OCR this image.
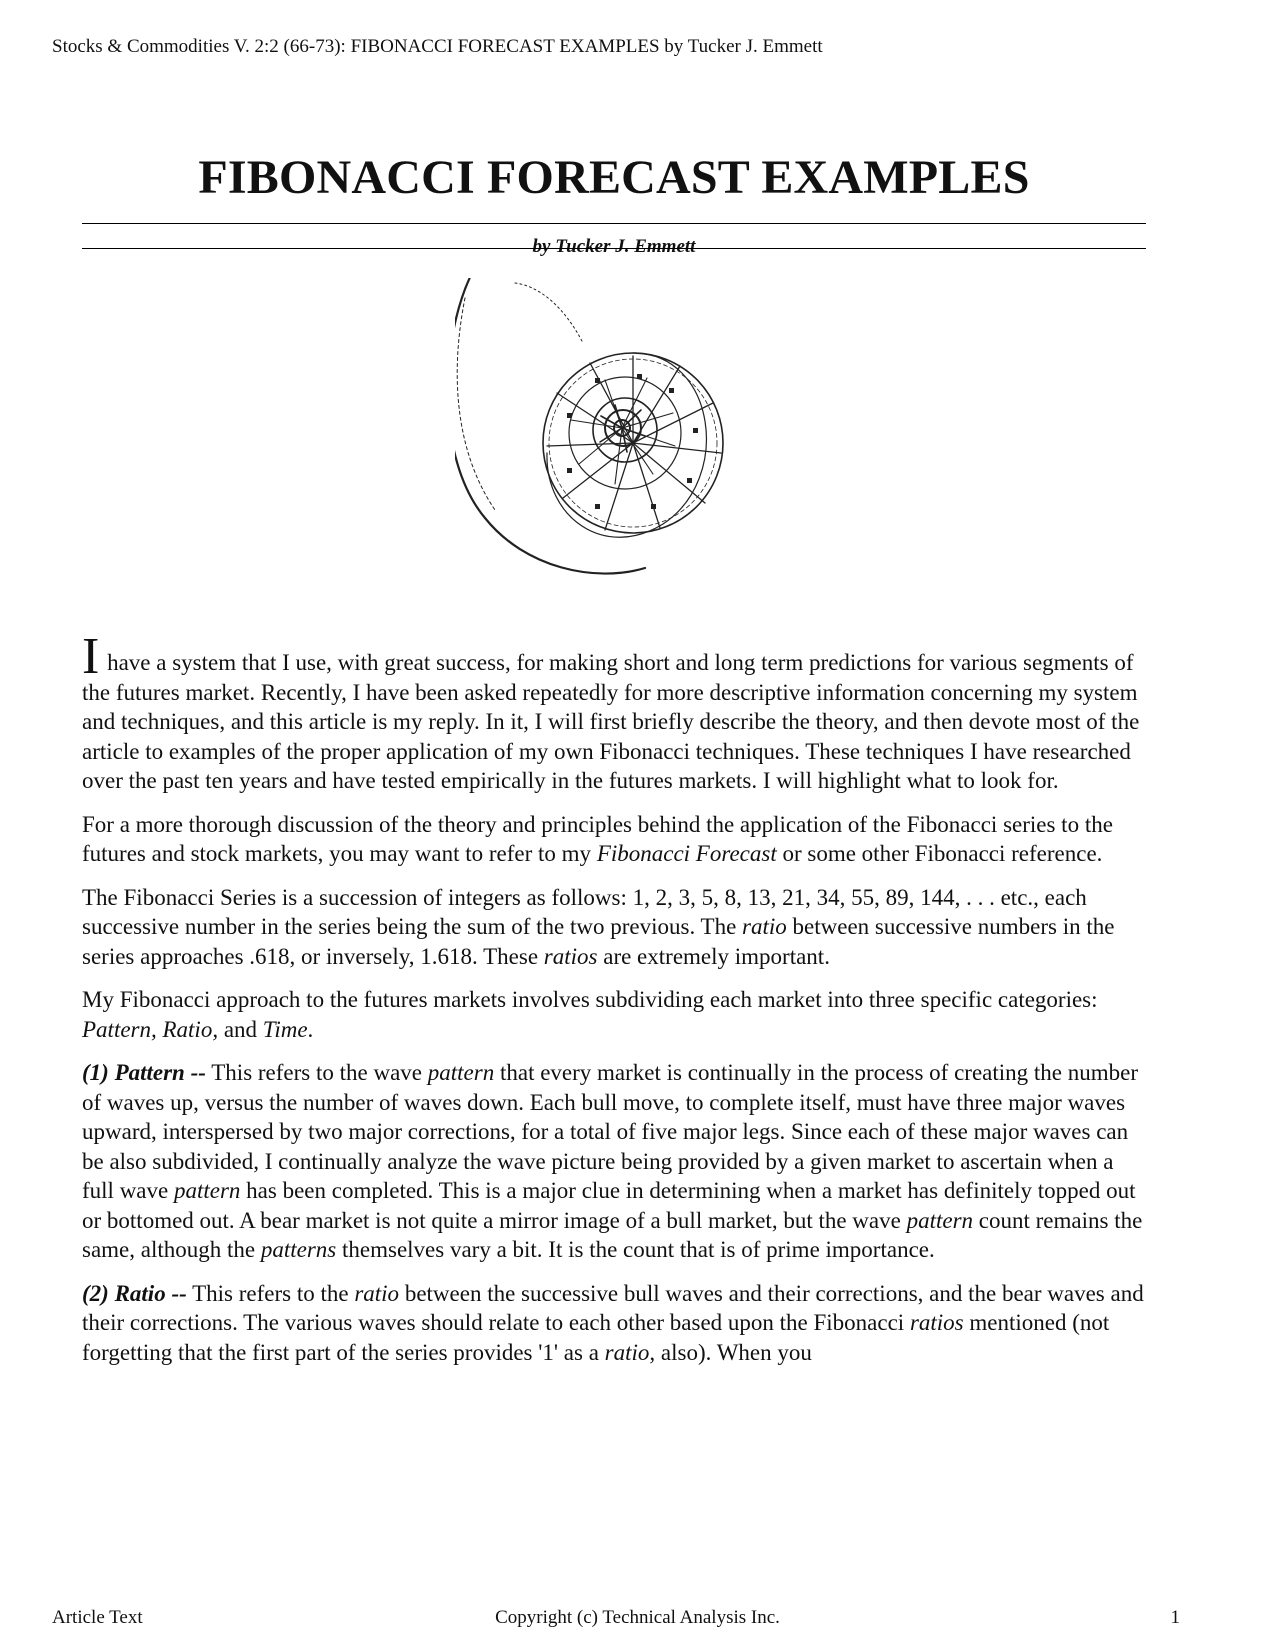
Stocks & Commodities V. 2:2 (66-73): FIBONACCI FORECAST EXAMPLES by Tucker J. Emmett
FIBONACCI FORECAST EXAMPLES
by Tucker J. Emmett

I have a system that I use, with great success, for making short and long term predictions for various segments of the futures market. Recently, I have been asked repeatedly for more descriptive information concerning my system and techniques, and this article is my reply. In it, I will first briefly describe the theory, and then devote most of the article to examples of the proper application of my own Fibonacci techniques. These techniques I have researched over the past ten years and have tested empirically in the futures markets. I will highlight what to look for.

For a more thorough discussion of the theory and principles behind the application of the Fibonacci series to the futures and stock markets, you may want to refer to my Fibonacci Forecast or some other Fibonacci reference.

The Fibonacci Series is a succession of integers as follows: 1, 2, 3, 5, 8, 13, 21, 34, 55, 89, 144, . . . etc., each successive number in the series being the sum of the two previous. The ratio between successive numbers in the series approaches .618, or inversely, 1.618. These ratios are extremely important.

My Fibonacci approach to the futures markets involves subdividing each market into three specific categories: Pattern, Ratio, and Time.

(1) Pattern -- This refers to the wave pattern that every market is continually in the process of creating the number of waves up, versus the number of waves down. Each bull move, to complete itself, must have three major waves upward, interspersed by two major corrections, for a total of five major legs. Since each of these major waves can be also subdivided, I continually analyze the wave picture being provided by a given market to ascertain when a full wave pattern has been completed. This is a major clue in determining when a market has definitely topped out or bottomed out. A bear market is not quite a mirror image of a bull market, but the wave pattern count remains the same, although the patterns themselves vary a bit. It is the count that is of prime importance.

(2) Ratio -- This refers to the ratio between the successive bull waves and their corrections, and the bear waves and their corrections. The various waves should relate to each other based upon the Fibonacci ratios mentioned (not forgetting that the first part of the series provides '1' as a ratio, also). When you

Article Text	Copyright (c) Technical Analysis Inc.	1
